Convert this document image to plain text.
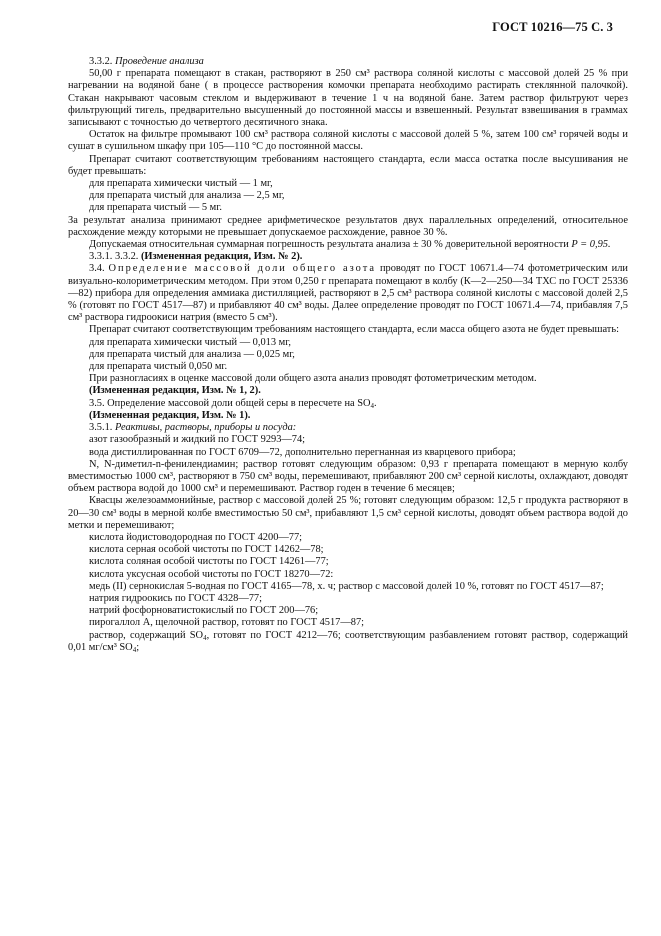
ГОСТ 10216—75 С. 3

3.3.2. Проведение анализа

50,00 г препарата помещают в стакан, растворяют в 250 см³ раствора соляной кислоты с массовой долей 25 % при нагревании на водяной бане ( в процессе растворения комочки препарата необходимо растирать стеклянной палочкой). Стакан накрывают часовым стеклом и выдерживают в течение 1 ч на водяной бане. Затем раствор фильтруют через фильтрующий тигель, предварительно высушенный до постоянной массы и взвешенный. Результат взвешивания в граммах записывают с точностью до четвертого десятичного знака.

Остаток на фильтре промывают 100 см³ раствора соляной кислоты с массовой долей 5 %, затем 100 см³ горячей воды и сушат в сушильном шкафу при 105—110 °С до постоянной массы.

Препарат считают соответствующим требованиям настоящего стандарта, если масса остатка после высушивания не будет превышать:

для препарата химически чистый — 1 мг,

для препарата чистый для анализа — 2,5 мг,

для препарата чистый — 5 мг.

За результат анализа принимают среднее арифметическое результатов двух параллельных определений, относительное расхождение между которыми не превышает допускаемое расхождение, равное 30 %.

Допускаемая относительная суммарная погрешность результата анализа ± 30 % доверительной вероятности P = 0,95.

3.3.1. 3.3.2. (Измененная редакция, Изм. № 2).

3.4. Определение массовой доли общего азота проводят по ГОСТ 10671.4—74 фотометрическим или визуально-колориметрическим методом. При этом 0,250 г препарата помещают в колбу (К—2—250—34 ТХС по ГОСТ 25336—82) прибора для определения аммиака дистилляцией, растворяют в 2,5 см³ раствора соляной кислоты с массовой долей 2,5 % (готовят по ГОСТ 4517—87) и прибавляют 40 см³ воды. Далее определение проводят по ГОСТ 10671.4—74, прибавляя 7,5 см³ раствора гидроокиси натрия (вместо 5 см³).

Препарат считают соответствующим требованиям настоящего стандарта, если масса общего азота не будет превышать:

для препарата химически чистый — 0,013 мг,

для препарата чистый для анализа — 0,025 мг,

для препарата чистый 0,050 мг.

При разногласиях в оценке массовой доли общего азота анализ проводят фотометрическим методом.

(Измененная редакция, Изм. № 1, 2).

3.5. Определение массовой доли общей серы в пересчете на $SO_4$.

(Измененная редакция, Изм. № 1).

3.5.1. Реактивы, растворы, приборы и посуда:

азот газообразный и жидкий по ГОСТ 9293—74;

вода дистиллированная по ГОСТ 6709—72, дополнительно перегнанная из кварцевого прибора;

N, N-диметил-n-фенилендиамин; раствор готовят следующим образом: 0,93 г препарата помещают в мерную колбу вместимостью 1000 см³, растворяют в 750 см³ воды, перемешивают, прибавляют 200 см³ серной кислоты, охлаждают, доводят объем раствора водой до 1000 см³ и перемешивают. Раствор годен в течение 6 месяцев;

Квасцы железоаммонийные, раствор с массовой долей 25 %; готовят следующим образом: 12,5 г продукта растворяют в 20—30 см³ воды в мерной колбе вместимостью 50 см³, прибавляют 1,5 см³ серной кислоты, доводят объем раствора водой до метки и перемешивают;

кислота йодистоводородная по ГОСТ 4200—77;

кислота серная особой чистоты по ГОСТ 14262—78;

кислота соляная особой чистоты по ГОСТ 14261—77;

кислота уксусная особой чистоты по ГОСТ 18270—72:

медь (II) сернокислая 5-водная по ГОСТ 4165—78, х. ч; раствор с массовой долей 10 %, готовят по ГОСТ 4517—87;

натрия гидроокись по ГОСТ 4328—77;

натрий фосфорноватистокислый по ГОСТ 200—76;

пирогаллол А, щелочной раствор, готовят по ГОСТ 4517—87;

раствор, содержащий $SO_4$, готовят по ГОСТ 4212—76; соответствующим разбавлением готовят раствор, содержащий 0,01 мг/см³ $SO_4$;
